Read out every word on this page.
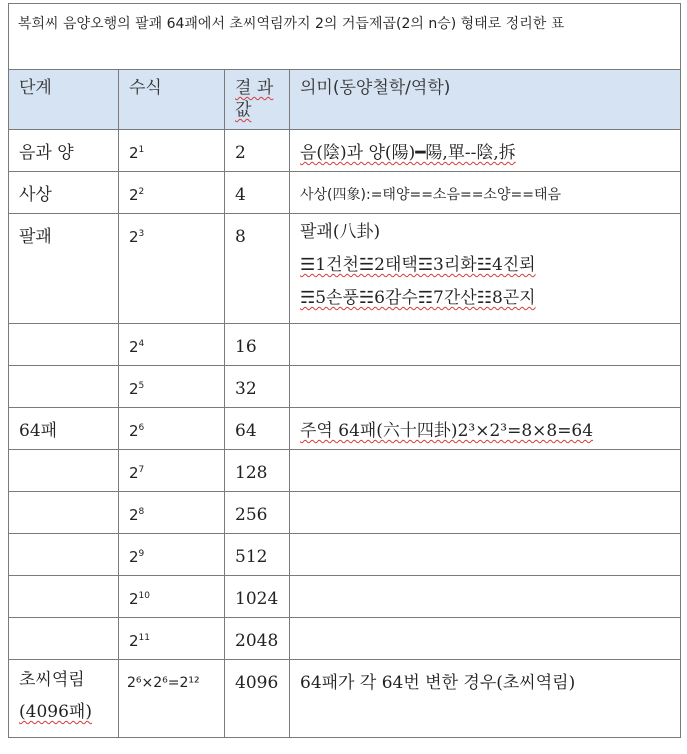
복희씨 음양오행의 팔괘 64괘에서 초씨역림까지 2의 거듭제곱(2의 n승) 형태로 정리한 표			
단계	수식	결 과 값	의미(동양철학/역학)
음과 양	$2^1$	2	음(陰)과 양(陽)━陽,單--陰,拆
사상	$2^2$	4	사상(四象):=태양==소음==소양==태음
팔괘	$2^3$	8	팔괘(八卦)
☰1건천☱2태택☲3리화☳4진뢰
☴5손풍☵6감수☶7간산☷8곤지

	$2^4$	16	
	$2^5$	32	
64패	$2^6$	64	주역 64패(六十四卦)2³×2³=8×8=64
	$2^7$	128	
	$2^8$	256	
	$2^9$	512	
	$2^{10}$	1024	
	$2^{11}$	2048	

초씨역림
(4096패)	2⁶×2⁶=2¹²	4096	64패가 각 64번 변한 경우(초씨역림)
